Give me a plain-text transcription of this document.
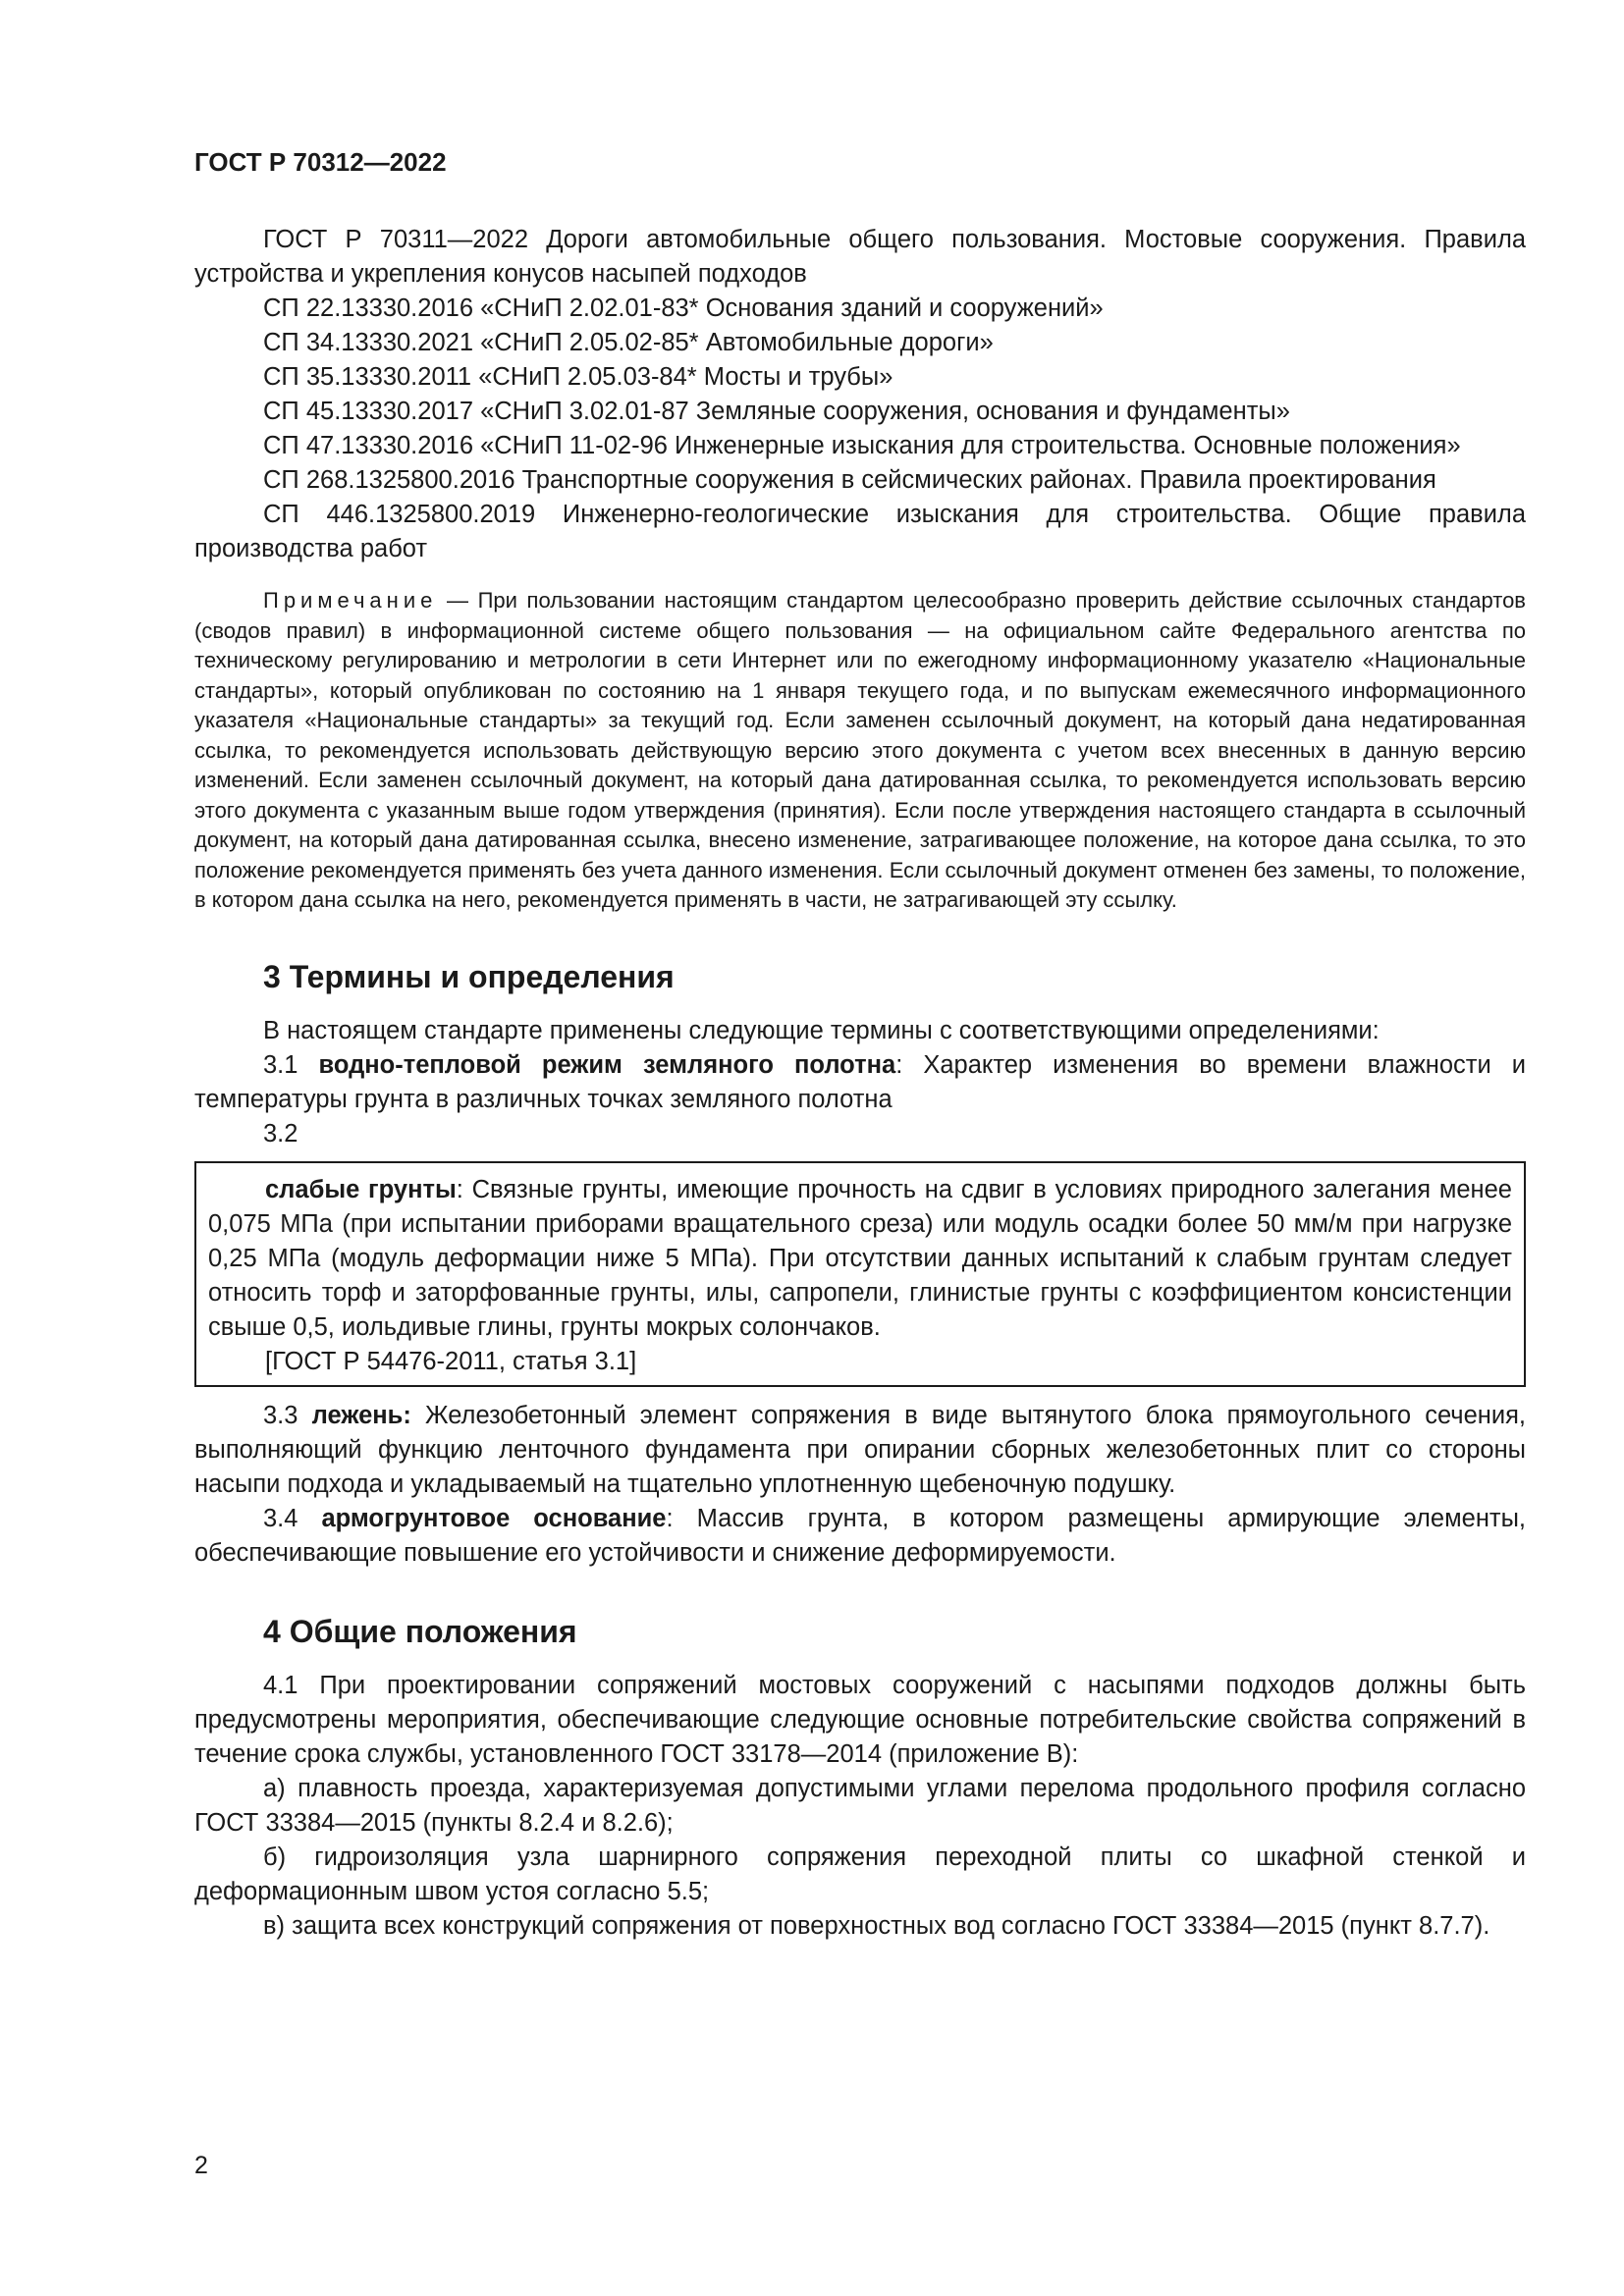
ГОСТ Р 70312—2022

ГОСТ Р 70311—2022 Дороги автомобильные общего пользования. Мостовые сооружения. Правила устройства и укрепления конусов насыпей подходов

СП 22.13330.2016 «СНиП 2.02.01-83* Основания зданий и сооружений»

СП 34.13330.2021 «СНиП 2.05.02-85* Автомобильные дороги»

СП 35.13330.2011 «СНиП 2.05.03-84* Мосты и трубы»

СП 45.13330.2017 «СНиП 3.02.01-87 Земляные сооружения, основания и фундаменты»

СП 47.13330.2016 «СНиП 11-02-96 Инженерные изыскания для строительства. Основные положения»

СП 268.1325800.2016 Транспортные сооружения в сейсмических районах. Правила проектирования

СП 446.1325800.2019 Инженерно-геологические изыскания для строительства. Общие правила производства работ

Примечание — При пользовании настоящим стандартом целесообразно проверить действие ссылочных стандартов (сводов правил) в информационной системе общего пользования — на официальном сайте Федерального агентства по техническому регулированию и метрологии в сети Интернет или по ежегодному информационному указателю «Национальные стандарты», который опубликован по состоянию на 1 января текущего года, и по выпускам ежемесячного информационного указателя «Национальные стандарты» за текущий год. Если заменен ссылочный документ, на который дана недатированная ссылка, то рекомендуется использовать действующую версию этого документа с учетом всех внесенных в данную версию изменений. Если заменен ссылочный документ, на который дана датированная ссылка, то рекомендуется использовать версию этого документа с указанным выше годом утверждения (принятия). Если после утверждения настоящего стандарта в ссылочный документ, на который дана датированная ссылка, внесено изменение, затрагивающее положение, на которое дана ссылка, то это положение рекомендуется применять без учета данного изменения. Если ссылочный документ отменен без замены, то положение, в котором дана ссылка на него, рекомендуется применять в части, не затрагивающей эту ссылку.

3 Термины и определения

В настоящем стандарте применены следующие термины с соответствующими определениями:

3.1 водно-тепловой режим земляного полотна: Характер изменения во времени влажности и температуры грунта в различных точках земляного полотна

3.2

слабые грунты: Связные грунты, имеющие прочность на сдвиг в условиях природного залегания менее 0,075 МПа (при испытании приборами вращательного среза) или модуль осадки более 50 мм/м при нагрузке 0,25 МПа (модуль деформации ниже 5 МПа). При отсутствии данных испытаний к слабым грунтам следует относить торф и заторфованные грунты, илы, сапропели, глинистые грунты с коэффициентом консистенции свыше 0,5, иольдивые глины, грунты мокрых солончаков.

[ГОСТ Р 54476-2011, статья 3.1]

3.3 лежень: Железобетонный элемент сопряжения в виде вытянутого блока прямоугольного сечения, выполняющий функцию ленточного фундамента при опирании сборных железобетонных плит со стороны насыпи подхода и укладываемый на тщательно уплотненную щебеночную подушку.

3.4 армогрунтовое основание: Массив грунта, в котором размещены армирующие элементы, обеспечивающие повышение его устойчивости и снижение деформируемости.

4 Общие положения

4.1 При проектировании сопряжений мостовых сооружений с насыпями подходов должны быть предусмотрены мероприятия, обеспечивающие следующие основные потребительские свойства сопряжений в течение срока службы, установленного ГОСТ 33178—2014 (приложение В):

а) плавность проезда, характеризуемая допустимыми углами перелома продольного профиля согласно ГОСТ 33384—2015 (пункты 8.2.4 и 8.2.6);

б) гидроизоляция узла шарнирного сопряжения переходной плиты со шкафной стенкой и деформационным швом устоя согласно 5.5;

в) защита всех конструкций сопряжения от поверхностных вод согласно ГОСТ 33384—2015 (пункт 8.7.7).

2
